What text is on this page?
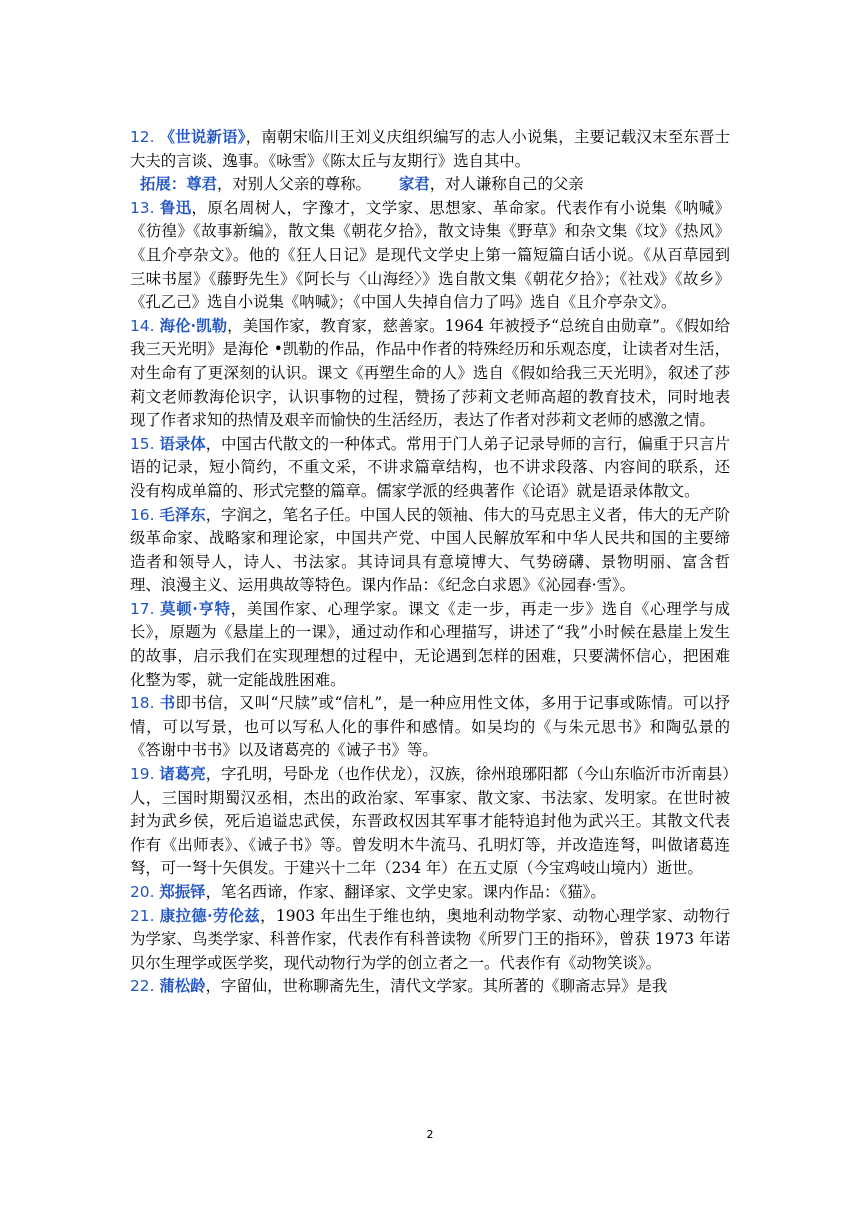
12. 《世说新语》，南朝宋临川王刘义庆组织编写的志人小说集，主要记载汉末至东晋士大夫的言谈、逸事。《咏雪》《陈太丘与友期行》选自其中。

拓展：尊君，对别人父亲的尊称。 家君，对人谦称自己的父亲

13. 鲁迅，原名周树人，字豫才，文学家、思想家、革命家。代表作有小说集《呐喊》《彷徨》《故事新编》，散文集《朝花夕拾》，散文诗集《野草》和杂文集《坟》《热风》《且介亭杂文》。他的《狂人日记》是现代文学史上第一篇短篇白话小说。《从百草园到三味书屋》《藤野先生》《阿长与〈山海经〉》选自散文集《朝花夕拾》；《社戏》《故乡》《孔乙己》选自小说集《呐喊》；《中国人失掉自信力了吗》选自《且介亭杂文》。

14. 海伦·凯勒，美国作家，教育家，慈善家。1964 年被授予“总统自由勋章”。《假如给我三天光明》是海伦 •凯勒的作品，作品中作者的特殊经历和乐观态度，让读者对生活，对生命有了更深刻的认识。课文《再塑生命的人》选自《假如给我三天光明》，叙述了莎莉文老师教海伦识字，认识事物的过程，赞扬了莎莉文老师高超的教育技术，同时地表现了作者求知的热情及艰辛而愉快的生活经历，表达了作者对莎莉文老师的感激之情。

15. 语录体，中国古代散文的一种体式。常用于门人弟子记录导师的言行，偏重于只言片语的记录，短小简约，不重文采，不讲求篇章结构，也不讲求段落、内容间的联系，还没有构成单篇的、形式完整的篇章。儒家学派的经典著作《论语》就是语录体散文。

16. 毛泽东，字润之，笔名子任。中国人民的领袖、伟大的马克思主义者，伟大的无产阶级革命家、战略家和理论家，中国共产党、中国人民解放军和中华人民共和国的主要缔造者和领导人，诗人、书法家。其诗词具有意境博大、气势磅礴、景物明丽、富含哲理、浪漫主义、运用典故等特色。课内作品：《纪念白求恩》《沁园春·雪》。

17. 莫顿·亨特，美国作家、心理学家。课文《走一步，再走一步》选自《心理学与成长》，原题为《悬崖上的一课》，通过动作和心理描写，讲述了“我”小时候在悬崖上发生的故事，启示我们在实现理想的过程中，无论遇到怎样的困难，只要满怀信心，把困难化整为零，就一定能战胜困难。

18. 书即书信，又叫“尺牍”或“信札”，是一种应用性文体，多用于记事或陈情。可以抒情，可以写景，也可以写私人化的事件和感情。如吴均的《与朱元思书》和陶弘景的《答谢中书书》以及诸葛亮的《诫子书》等。

19. 诸葛亮，字孔明，号卧龙（也作伏龙），汉族，徐州琅琊阳都（今山东临沂市沂南县）人，三国时期蜀汉丞相，杰出的政治家、军事家、散文家、书法家、发明家。在世时被封为武乡侯，死后追谥忠武侯，东晋政权因其军事才能特追封他为武兴王。其散文代表作有《出师表》、《诫子书》等。曾发明木牛流马、孔明灯等，并改造连弩，叫做诸葛连弩，可一弩十矢俱发。于建兴十二年（234 年）在五丈原（今宝鸡岐山境内）逝世。

20. 郑振铎，笔名西谛，作家、翻译家、文学史家。课内作品：《猫》。

21. 康拉德·劳伦兹，1903 年出生于维也纳，奥地利动物学家、动物心理学家、动物行为学家、鸟类学家、科普作家，代表作有科普读物《所罗门王的指环》，曾获 1973 年诺贝尔生理学或医学奖，现代动物行为学的创立者之一。代表作有《动物笑谈》。

22. 蒲松龄，字留仙，世称聊斋先生，清代文学家。其所著的《聊斋志异》是我

2
